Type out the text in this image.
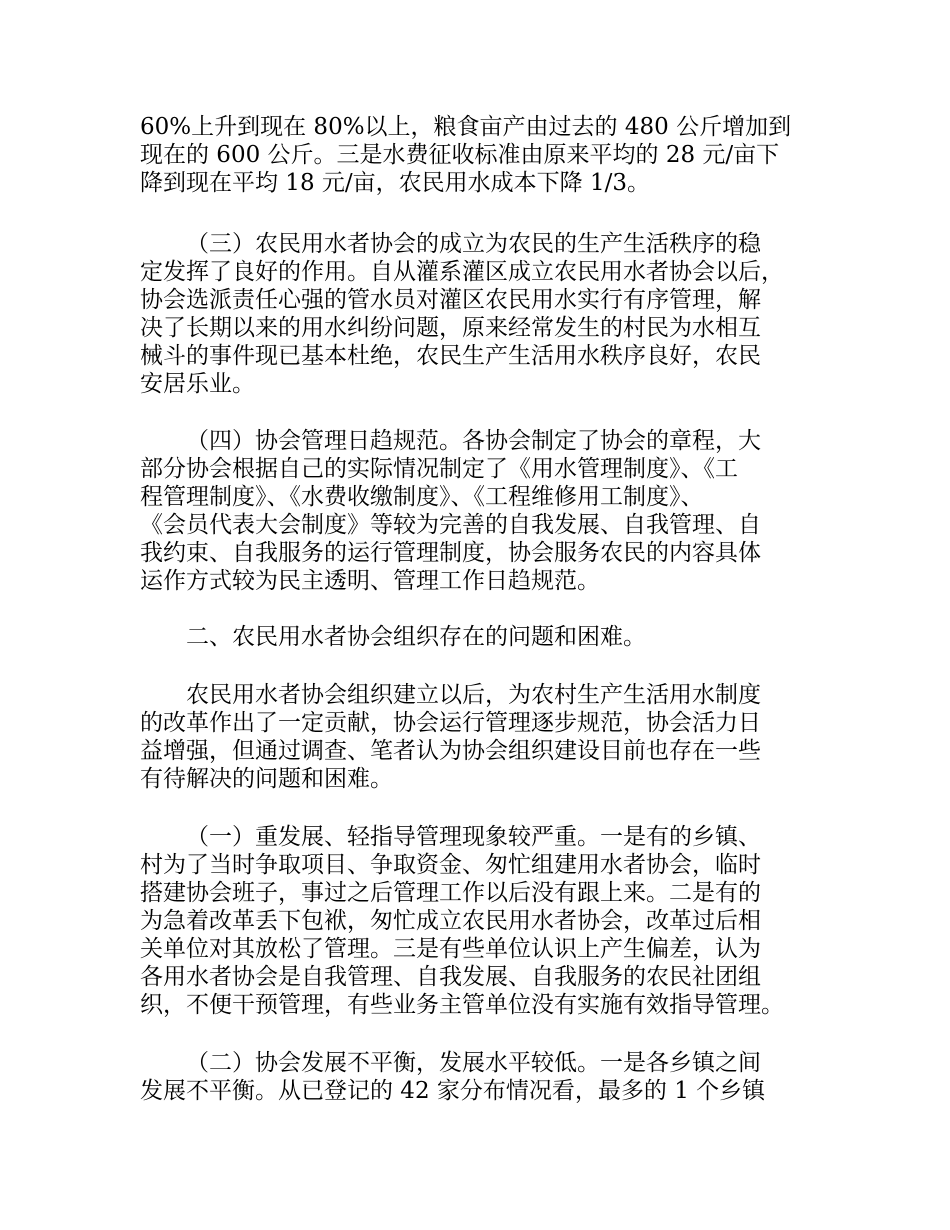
60%上升到现在 80%以上，粮食亩产由过去的 480 公斤增加到
现在的 600 公斤。三是水费征收标准由原来平均的 28 元/亩下
降到现在平均 18 元/亩，农民用水成本下降 1/3。
（三）农民用水者协会的成立为农民的生产生活秩序的稳
定发挥了良好的作用。自从灌系灌区成立农民用水者协会以后，
协会选派责任心强的管水员对灌区农民用水实行有序管理，解
决了长期以来的用水纠纷问题，原来经常发生的村民为水相互
械斗的事件现已基本杜绝，农民生产生活用水秩序良好，农民
安居乐业。
（四）协会管理日趋规范。各协会制定了协会的章程，大
部分协会根据自己的实际情况制定了《用水管理制度》、《工
程管理制度》、《水费收缴制度》、《工程维修用工制度》、
《会员代表大会制度》等较为完善的自我发展、自我管理、自
我约束、自我服务的运行管理制度，协会服务农民的内容具体
运作方式较为民主透明、管理工作日趋规范。
二、农民用水者协会组织存在的问题和困难。
农民用水者协会组织建立以后，为农村生产生活用水制度
的改革作出了一定贡献，协会运行管理逐步规范，协会活力日
益增强，但通过调查、笔者认为协会组织建设目前也存在一些
有待解决的问题和困难。
（一）重发展、轻指导管理现象较严重。一是有的乡镇、
村为了当时争取项目、争取资金、匆忙组建用水者协会，临时
搭建协会班子，事过之后管理工作以后没有跟上来。二是有的
为急着改革丢下包袱，匆忙成立农民用水者协会，改革过后相
关单位对其放松了管理。三是有些单位认识上产生偏差，认为
各用水者协会是自我管理、自我发展、自我服务的农民社团组
织，不便干预管理，有些业务主管单位没有实施有效指导管理。
（二）协会发展不平衡，发展水平较低。一是各乡镇之间
发展不平衡。从已登记的 42 家分布情况看，最多的 1 个乡镇
